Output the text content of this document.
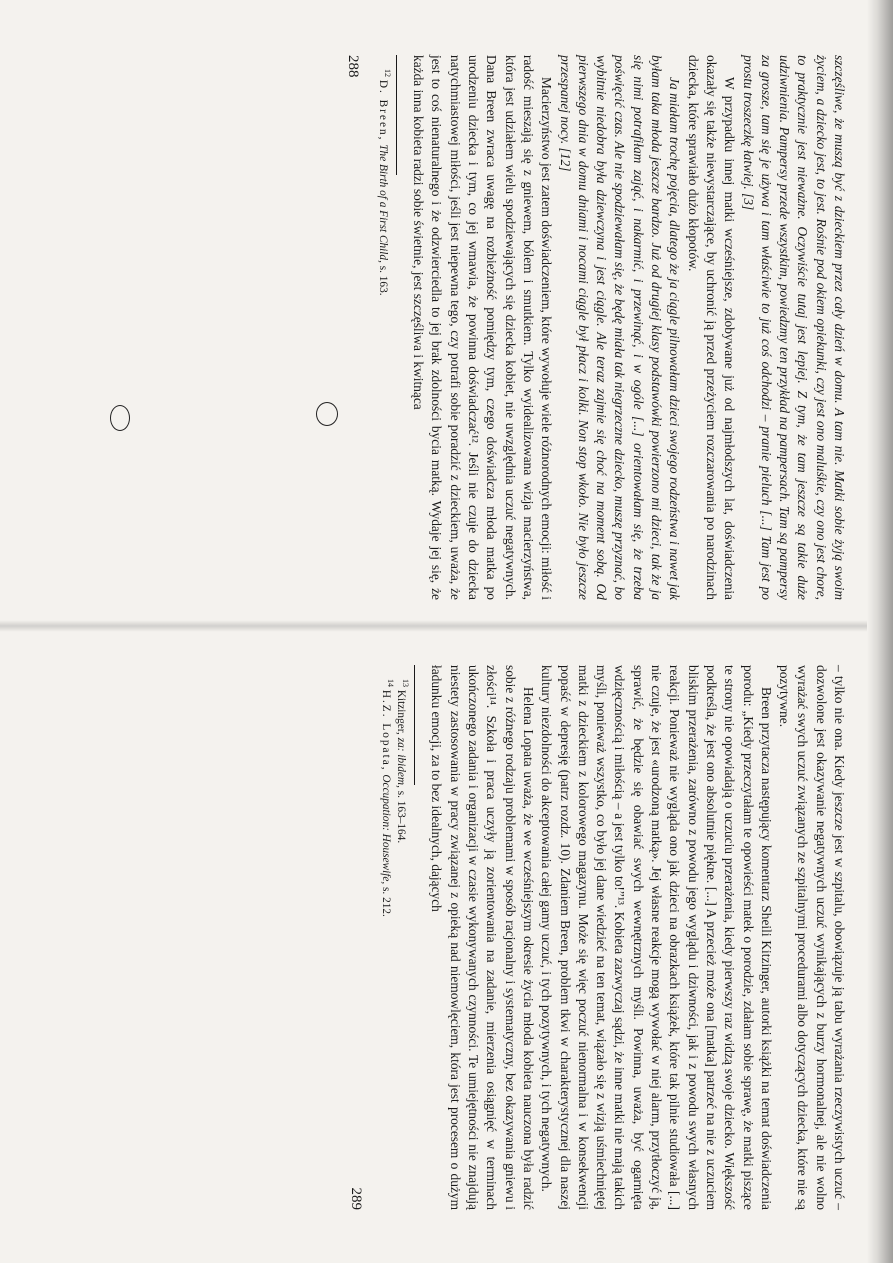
szczęśliwe, że muszą być z dzieckiem przez cały dzień w domu. A tam nie. Matki sobie żyją swoim życiem, a dziecko jest, to jest. Rośnie pod okiem opiekunki, czy jest ono maluśkie, czy ono jest chore, to praktycznie jest nieważne. Oczywiście tutaj jest lepiej. Z tym, że tam jeszcze są takie duże udziwnienia. Pampersy przede wszystkim, powiedzmy ten przykład na pampersach. Tam są pampersy za grosze, tam się je używa i tam właściwie to już coś odchodzi – pranie pieluch [...] Tam jest po prostu troszeczkę łatwiej. [3]

W przypadku innej matki wcześniejsze, zdobywane już od najmłodszych lat, doświadczenia okazały się także niewystarczające, by uchronić ją przed przeżyciem rozczarowania po narodzinach dziecka, które sprawiało dużo kłopotów.

Ja miałam trochę pojęcia, dlatego że ja ciągle pilnowałam dzieci swojego rodzeństwa i nawet jak byłam taka młoda jeszcze bardzo. Już od drugiej klasy podstawówki powierzono mi dzieci, tak że ja się nimi potrafiłam zająć, i nakarmić, i przewinąć, i w ogóle [...] orientowałam się, że trzeba poświęcić czas. Ale nie spodziewałam się, że będę miała tak niegrzeczne dziecko, muszę przyznać, bo wybitnie niedobra była dziewczyna i jest ciągle. Ale teraz zajmie się choć na moment sobą. Od pierwszego dnia w domu dniami i nocami ciągle był płacz i kolki. Non stop wkoło. Nie było jeszcze przespanej nocy. [12]

Macierzyństwo jest zatem doświadczeniem, które wywołuje wiele różnorodnych emocji: miłość i radość mieszają się z gniewem, bólem i smutkiem. Tylko wyidealizowana wizja macierzyństwa, która jest udziałem wielu spodziewających się dziecka kobiet, nie uwzględnia uczuć negatywnych. Dana Breen zwraca uwagę na rozbieżność pomiędzy tym, czego doświadcza młoda matka po urodzeniu dziecka i tym, co jej wmawia, że powinna doświadczać¹². Jeśli nie czuje do dziecka natychmiastowej miłości, jeśli jest niepewna tego, czy potrafi sobie poradzić z dzieckiem, uważa, że jest to coś nienaturalnego i że odzwierciedla to jej brak zdolności bycia matką. Wydaje jej się, że każda inna kobieta radzi sobie świetnie, jest szczęśliwa i kwitnąca

$^{12}$ D. Breen, The Birth of a First Child, s. 163.

288

– tylko nie ona. Kiedy jeszcze jest w szpitalu, obowiązuje ją tabu wyrażania rzeczywistych uczuć – dozwolone jest okazywanie negatywnych uczuć wynikających z burzy hormonalnej, ale nie wolno wyrażać swych uczuć związanych ze szpitalnymi procedurami albo dotyczących dziecka, które nie są pozytywne.

Breen przytacza następujący komentarz Sheili Kitzinger, autorki książki na temat doświadczenia porodu: „Kiedy przeczytałam te opowieści matek o porodzie, zdałam sobie sprawę, że matki piszące te strony nie opowiadają o uczuciu przerażenia, kiedy pierwszy raz widzą swoje dziecko. Większość podkreśla, że jest ono absolutnie piękne. [...] A przecież może ona [matka] patrzeć na nie z uczuciem bliskim przerażenia, zarówno z powodu jego wyglądu i dziwności, jak i z powodu swych własnych reakcji. Ponieważ nie wygląda ono jak dzieci na obrazkach książek, które tak pilnie studiowała [...] nie czuje, że jest «urodzoną matką». Jej własne reakcje mogą wywołać w niej alarm, przytłoczyć ją, sprawić, że będzie się obawiać swych wewnętrznych myśli. Powinna, uważa, być ogarnięta wdzięcznością i miłością – a jest tylko to!”¹³. Kobieta zazwyczaj sądzi, że inne matki nie mają takich myśli, ponieważ wszystko, co było jej dane wiedzieć na ten temat, wiązało się z wizją uśmiechniętej matki z dzieckiem z kolorowego magazynu. Może się więc poczuć nienormalna i w konsekwencji popaść w depresję (patrz rozdz. 10). Zdaniem Breen, problem tkwi w charakterystycznej dla naszej kultury niezdolności do akceptowania całej gamy uczuć, i tych pozytywnych, i tych negatywnych.

Helena Lopata uważa, że we wcześniejszym okresie życia młoda kobieta nauczona była radzić sobie z różnego rodzaju problemami w sposób racjonalny i systematyczny, bez okazywania gniewu i złości¹⁴. Szkoła i praca uczyły ją zorientowania na zadanie, mierzenia osiągnięć w terminach ukończonego zadania i organizacji w czasie wykonywanych czynności. Te umiejętności nie znajdują niestety zastosowania w pracy związanej z opieką nad niemowlęciem, która jest procesem o dużym ładunku emocji, za to bez idealnych, dających

$^{13}$ Kitzinger, za: ibidem, s. 163–164.

$^{14}$ H.Z. Lopata, Occupation: Housewife, s. 212.

289
